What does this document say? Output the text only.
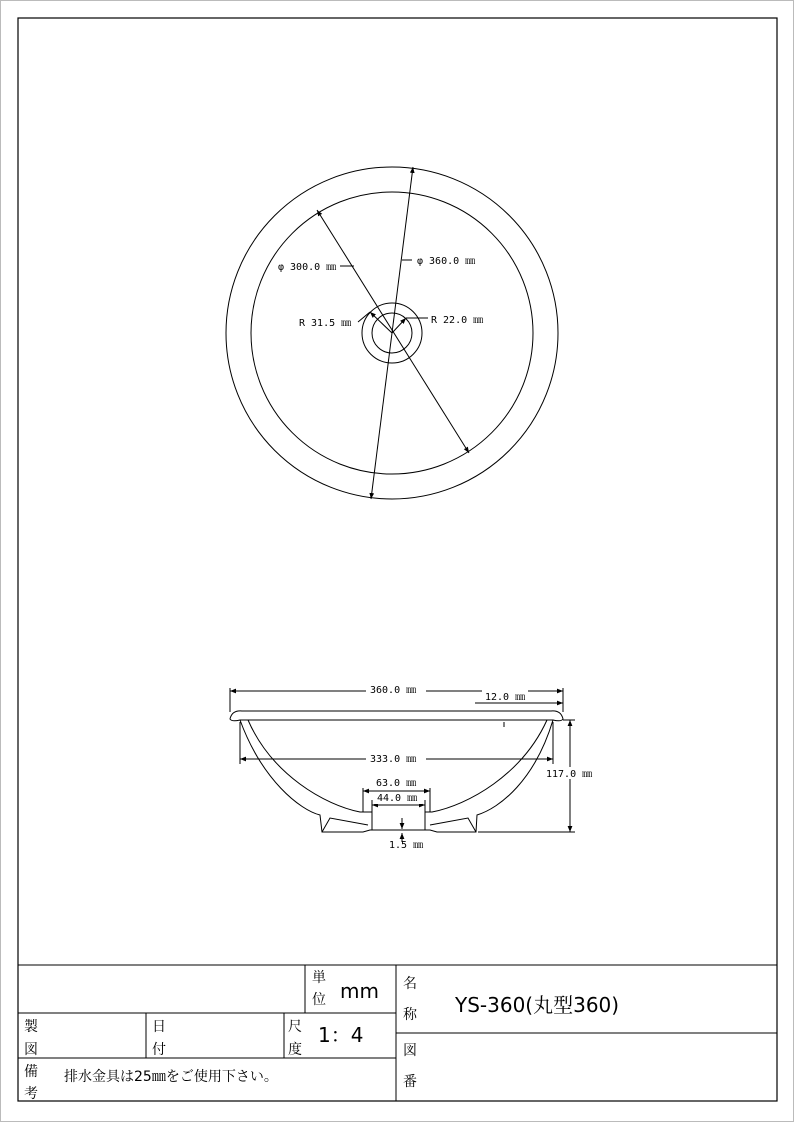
φ 360.0 ㎜
φ 300.0 ㎜
R 31.5 ㎜	R 22.0 ㎜
360.0 ㎜
12.0 ㎜
333.0 ㎜
117.0 ㎜
63.0 ㎜
44.0 ㎜
1.5 ㎜
単
位 mm 名
称 YS-360(丸型360)
製
図
日
付
尺
度
1：4
図
番
備
考
排水金具は25㎜をご使用下さい。
